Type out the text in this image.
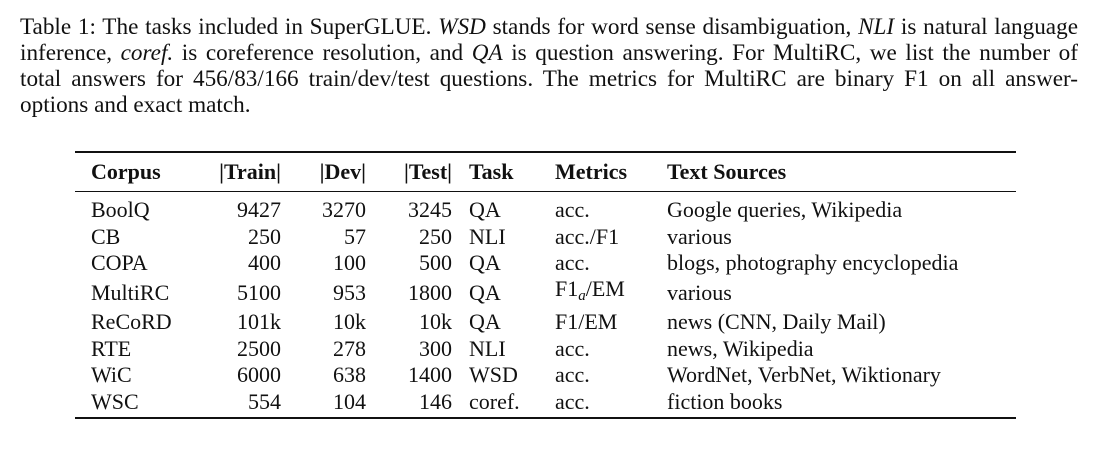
Table 1: The tasks included in SuperGLUE. WSD stands for word sense disambiguation, NLI is natural language inference, coref. is coreference resolution, and QA is question answering. For MultiRC, we list the number of total answers for 456/83/166 train/dev/test questions. The metrics for MultiRC are binary F1 on all answer-options and exact match.
	Corpus	|Train|	|Dev|	|Test|		Task	Metrics	Text Sources

	BoolQ	9427	3270	3245		QA	acc.	Google queries, Wikipedia
	CB	250	57	250		NLI	acc./F1	various
	COPA	400	100	500		QA	acc.	blogs, photography encyclopedia
	MultiRC	5100	953	1800		QA	$F1_a/EM$	various
	ReCoRD	101k	10k	10k		QA	F1/EM	news (CNN, Daily Mail)
	RTE	2500	278	300		NLI	acc.	news, Wikipedia
	WiC	6000	638	1400		WSD	acc.	WordNet, VerbNet, Wiktionary
	WSC	554	104	146		coref.	acc.	fiction books
